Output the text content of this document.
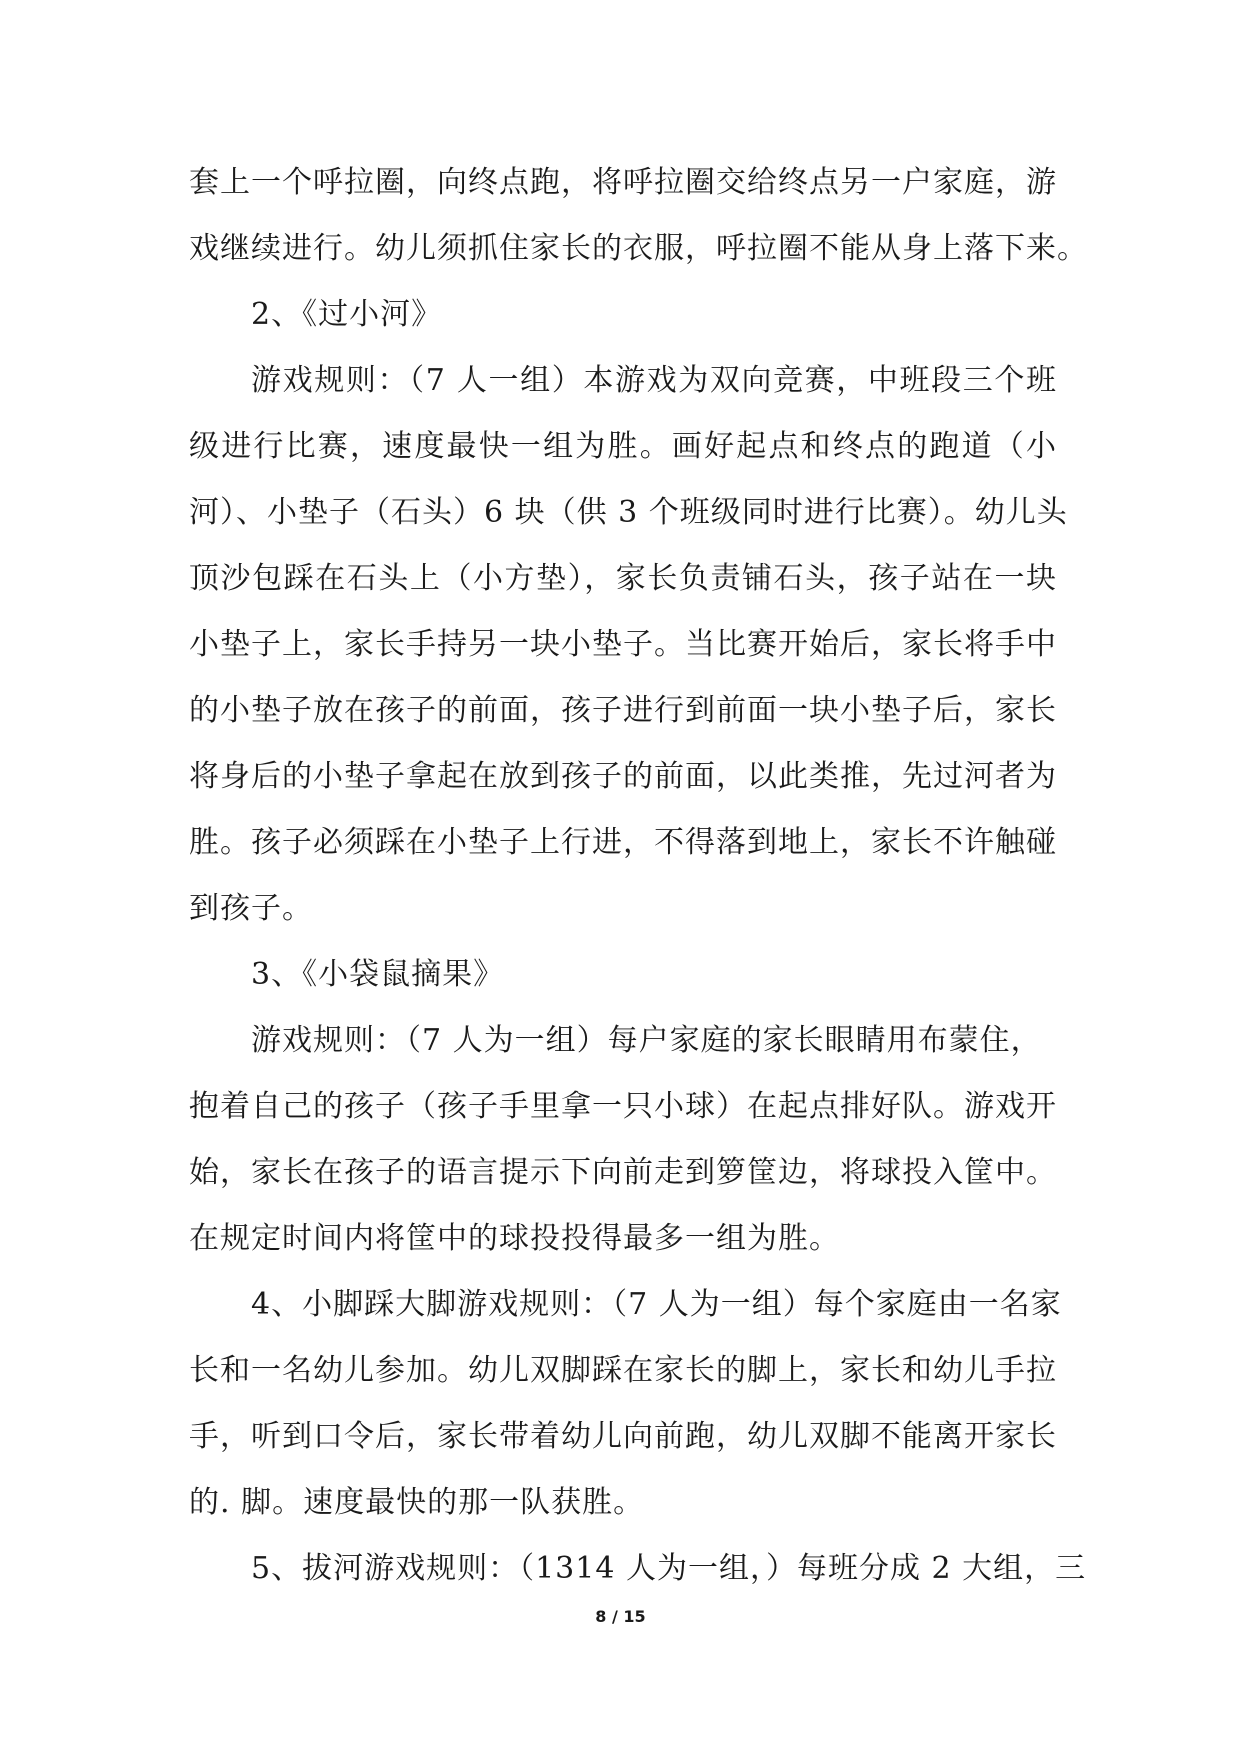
套上一个呼拉圈，向终点跑，将呼拉圈交给终点另一户家庭，游
戏继续进行。幼儿须抓住家长的衣服，呼拉圈不能从身上落下来。
2、《过小河》
游戏规则：（7 人一组）本游戏为双向竞赛，中班段三个班
级进行比赛，速度最快一组为胜。画好起点和终点的跑道（小
河）、小垫子（石头）6 块（供 3 个班级同时进行比赛）。幼儿头
顶沙包踩在石头上（小方垫），家长负责铺石头，孩子站在一块
小垫子上，家长手持另一块小垫子。当比赛开始后，家长将手中
的小垫子放在孩子的前面，孩子进行到前面一块小垫子后，家长
将身后的小垫子拿起在放到孩子的前面，以此类推，先过河者为
胜。孩子必须踩在小垫子上行进，不得落到地上，家长不许触碰
到孩子。
3、《小袋鼠摘果》
游戏规则：（7 人为一组）每户家庭的家长眼睛用布蒙住，
抱着自己的孩子（孩子手里拿一只小球）在起点排好队。游戏开
始，家长在孩子的语言提示下向前走到箩筐边，将球投入筐中。
在规定时间内将筐中的球投投得最多一组为胜。
4、小脚踩大脚游戏规则：（7 人为一组）每个家庭由一名家
长和一名幼儿参加。幼儿双脚踩在家长的脚上，家长和幼儿手拉
手，听到口令后，家长带着幼儿向前跑，幼儿双脚不能离开家长
的. 脚。速度最快的那一队获胜。
5、拔河游戏规则：（1314 人为一组，）每班分成 2 大组，三
8 / 15
